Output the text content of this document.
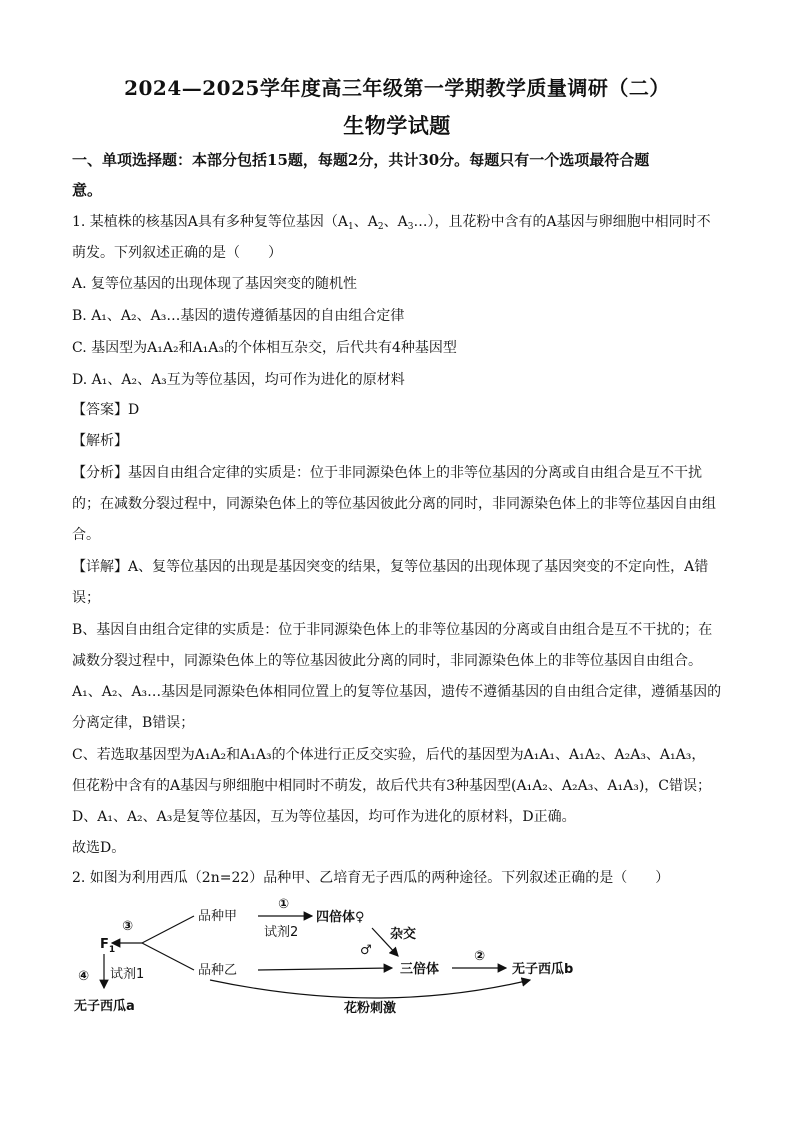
2024—2025学年度高三年级第一学期教学质量调研（二）
生物学试题
一、单项选择题：本部分包括15题，每题2分，共计30分。每题只有一个选项最符合题
意。
1. 某植株的核基因A具有多种复等位基因（$A_1$、$A_2$、$A_3\dots$），且花粉中含有的A基因与卵细胞中相同时不
萌发。下列叙述正确的是（　　）
A. 复等位基因的出现体现了基因突变的随机性
B. A₁、A₂、A₃…基因的遗传遵循基因的自由组合定律
C. 基因型为A₁A₂和A₁A₃的个体相互杂交，后代共有4种基因型
D. A₁、A₂、A₃互为等位基因，均可作为进化的原材料
【答案】D
【解析】
【分析】基因自由组合定律的实质是：位于非同源染色体上的非等位基因的分离或自由组合是互不干扰
的；在减数分裂过程中，同源染色体上的等位基因彼此分离的同时，非同源染色体上的非等位基因自由组
合。
【详解】A、复等位基因的出现是基因突变的结果，复等位基因的出现体现了基因突变的不定向性，A错
误；
B、基因自由组合定律的实质是：位于非同源染色体上的非等位基因的分离或自由组合是互不干扰的；在
减数分裂过程中，同源染色体上的等位基因彼此分离的同时，非同源染色体上的非等位基因自由组合。
A₁、A₂、A₃…基因是同源染色体相同位置上的复等位基因，遗传不遵循基因的自由组合定律，遵循基因的
分离定律，B错误；
C、若选取基因型为A₁A₂和A₁A₃的个体进行正反交实验，后代的基因型为A₁A₁、A₁A₂、A₂A₃、A₁A₃，
但花粉中含有的A基因与卵细胞中相同时不萌发，故后代共有3种基因型(A₁A₂、A₂A₃、A₁A₃)，C错误；
D、A₁、A₂、A₃是复等位基因，互为等位基因，均可作为进化的原材料，D正确。
故选D。
2. 如图为利用西瓜（2n=22）品种甲、乙培育无子西瓜的两种途径。下列叙述正确的是（　　）
③
$F_1$
④ 试剂1
无子西瓜a
品种甲
品种乙
①
试剂2
四倍体♀
♂
杂交
三倍体
②
无子西瓜b
花粉刺激
